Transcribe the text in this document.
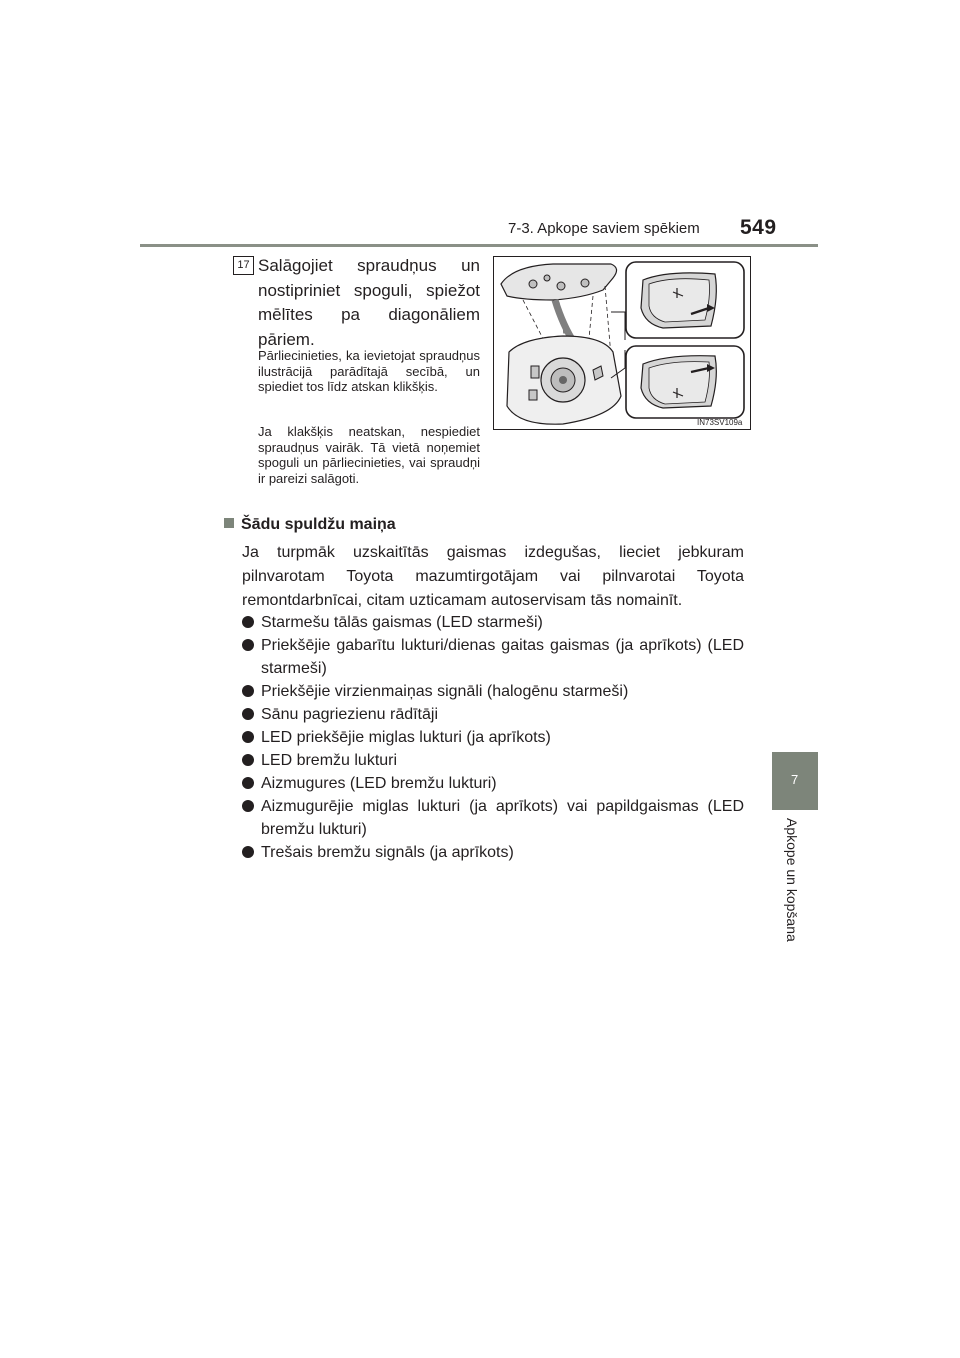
7-3. Apkope saviem spēkiem 549
7
Apkope un kopšana
17 Salāgojiet spraudņus un nostipriniet spoguli, spiežot mēlītes pa diagonāliem pāriem.
Pārliecinieties, ka ievietojat spraudņus ilustrācijā parādītajā secībā, un spiediet tos līdz atskan klikšķis.
Ja klakšķis neatskan, nespiediet spraudņus vairāk. Tā vietā noņemiet spoguli un pārliecinieties, vai spraudņi ir pareizi salāgoti.
IN73SV109a
Šādu spuldžu maiņa
Ja turpmāk uzskaitītās gaismas izdegušas, lieciet jebkuram pilnvarotam Toyota mazumtirgotājam vai pilnvarotai Toyota remontdarbnīcai, citam uzticamam autoservisam tās nomainīt.
Starmešu tālās gaismas (LED starmeši)
Priekšējie gabarītu lukturi/dienas gaitas gaismas (ja aprīkots) (LED starmeši)
Priekšējie virzienmaiņas signāli (halogēnu starmeši)
Sānu pagriezienu rādītāji
LED priekšējie miglas lukturi (ja aprīkots)
LED bremžu lukturi
Aizmugures (LED bremžu lukturi)
Aizmugurējie miglas lukturi (ja aprīkots) vai papildgaismas (LED bremžu lukturi)
Trešais bremžu signāls (ja aprīkots)
